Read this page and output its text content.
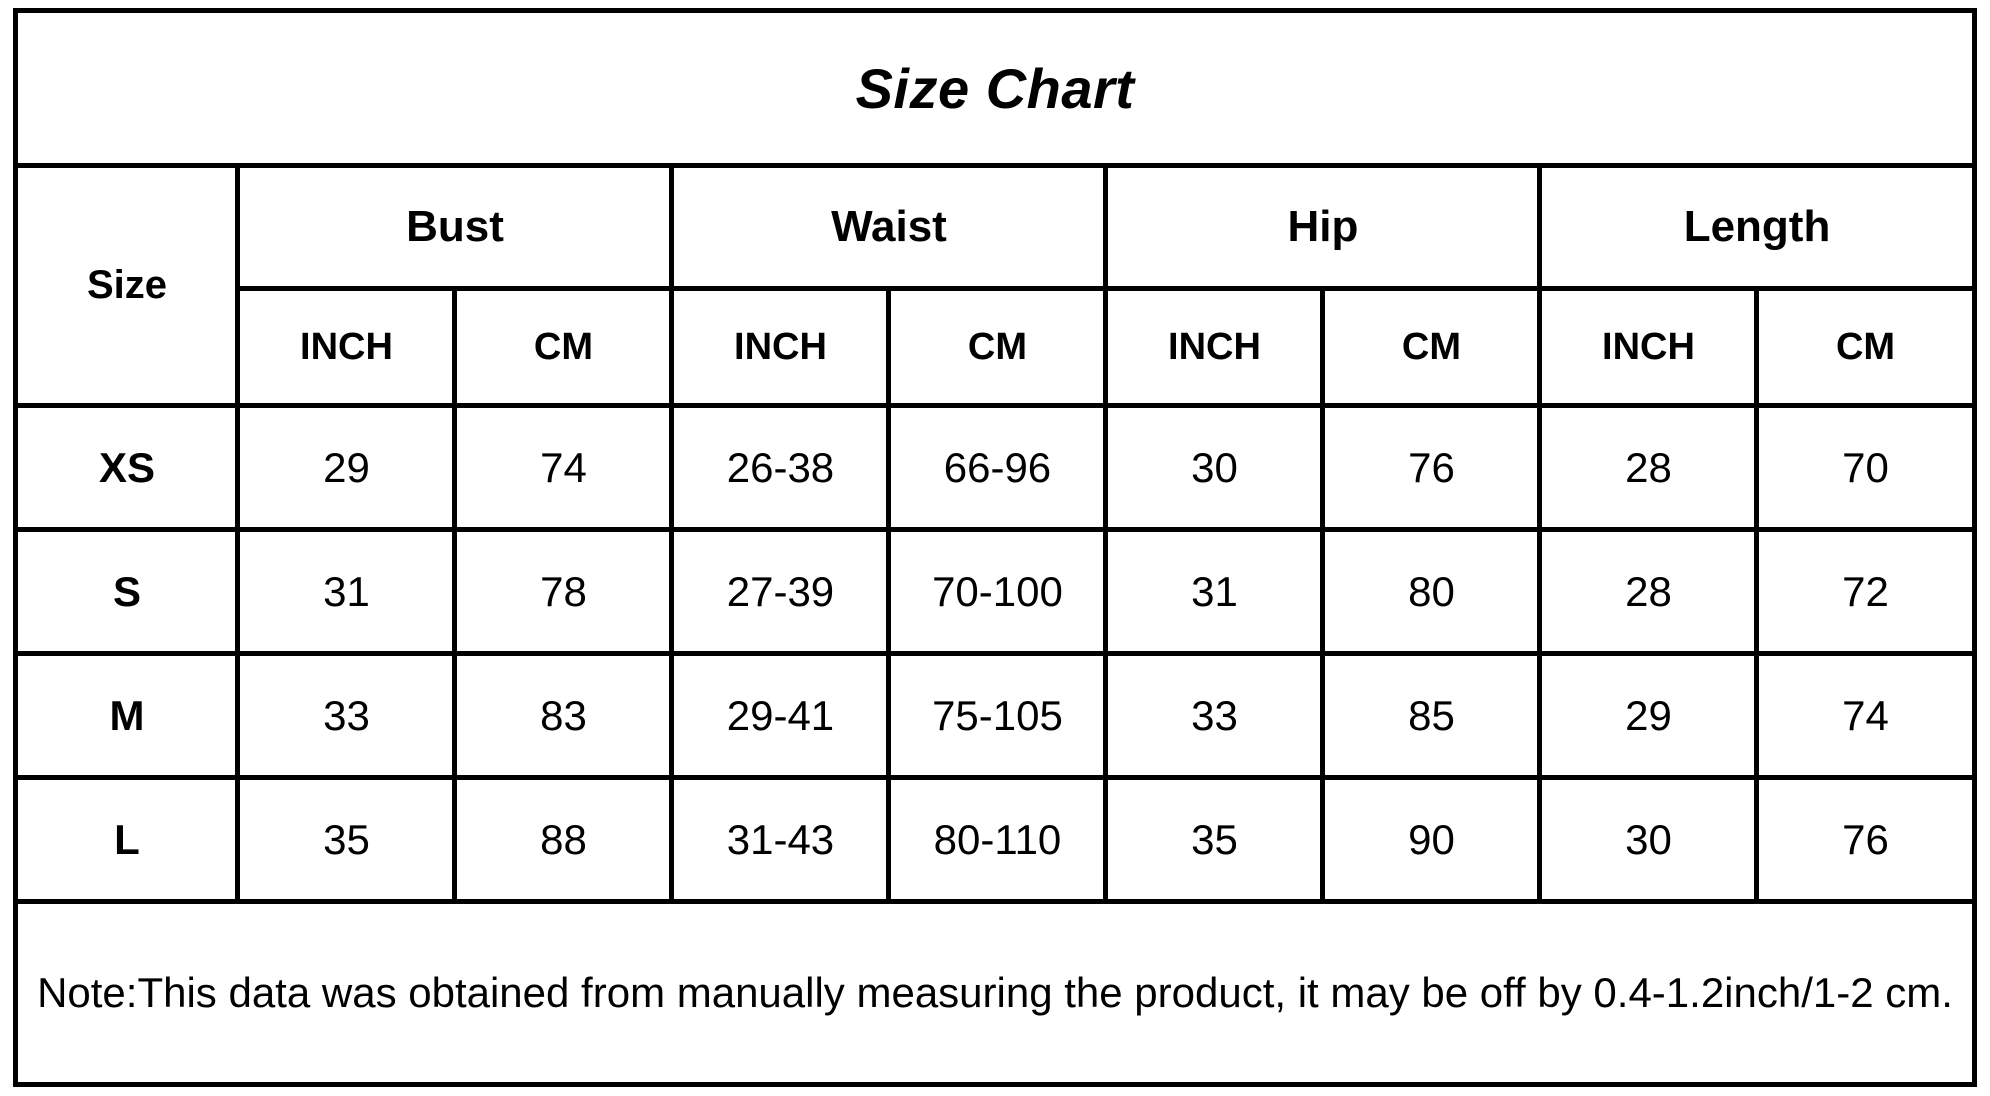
Size Chart								
Size	Bust		Waist		Hip		Length	
	INCH	CM	INCH	CM	INCH	CM	INCH	CM
XS	29	74	26-38	66-96	30	76	28	70
S	31	78	27-39	70-100	31	80	28	72
M	33	83	29-41	75-105	33	85	29	74
L	35	88	31-43	80-110	35	90	30	76
Note:This data was obtained from manually measuring the product, it may be off by 0.4-1.2inch/1-2 cm.								
